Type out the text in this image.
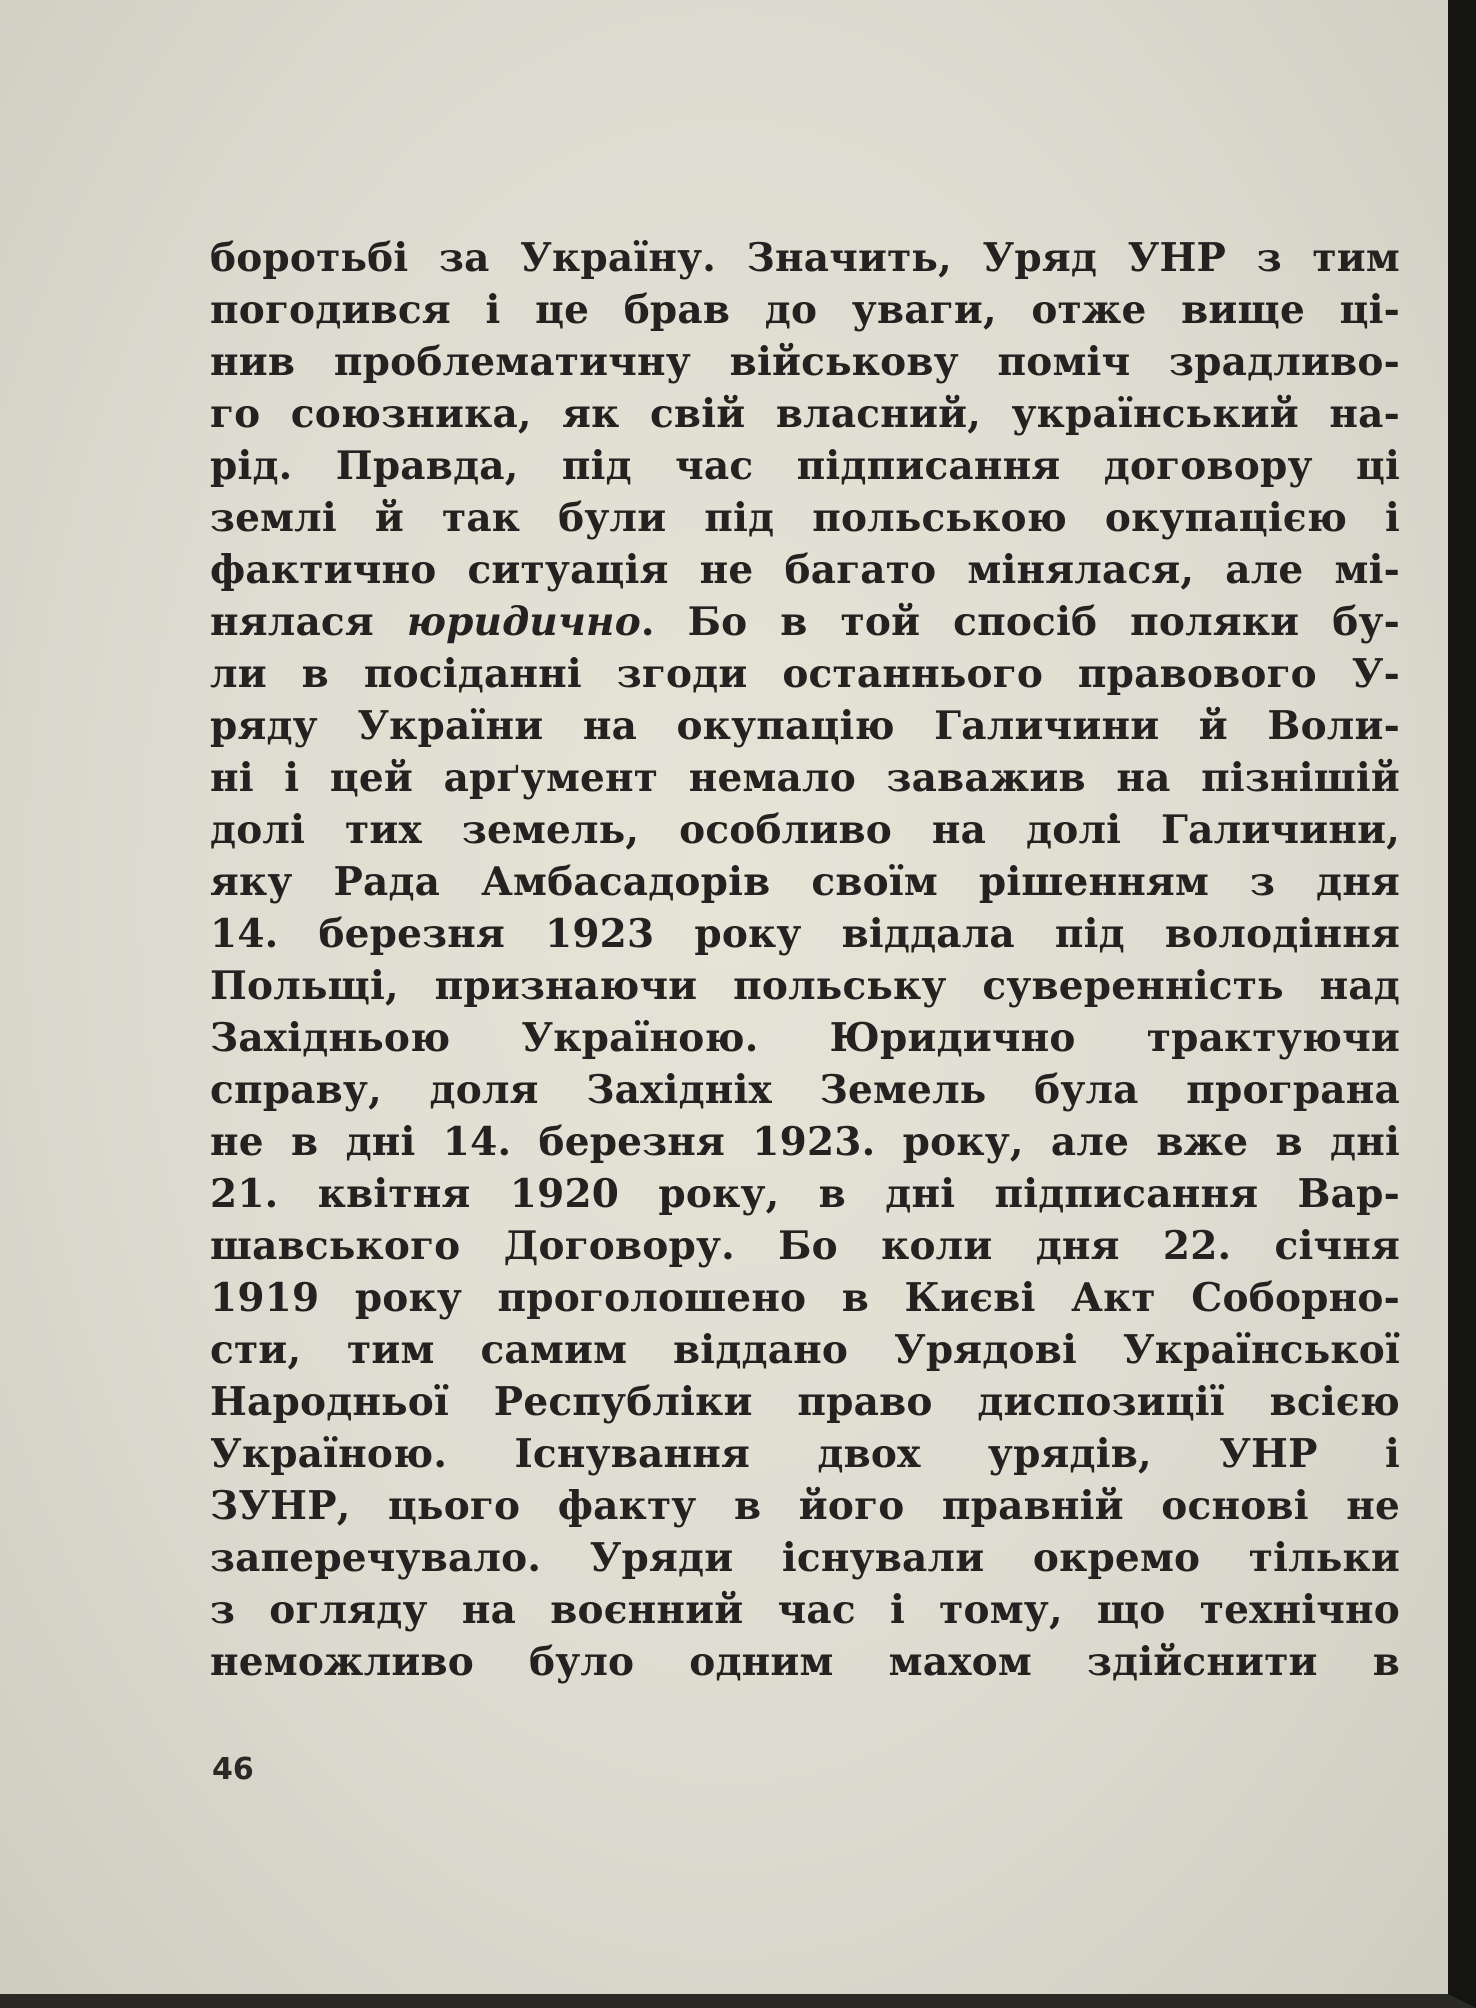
боротьбі за Україну. Значить, Уряд УНР з тим
погодився і це брав до уваги, отже вище ці-
нив проблематичну військову поміч зрадливо-
го союзника, як свій власний, український на-
рід. Правда, під час підписання договору ці
землі й так були під польською окупацією і
фактично ситуація не багато мінялася, але мі-
нялася юридично. Бо в той спосіб поляки бу-
ли в посіданні згоди останнього правового У-
ряду України на окупацію Галичини й Воли-
ні і цей арґумент немало заважив на пізнішій
долі тих земель, особливо на долі Галичини,
яку Рада Амбасадорів своїм рішенням з дня
14. березня 1923 року віддала під володіння
Польщі, признаючи польську суверенність над
Західньою Україною. Юридично трактуючи
справу, доля Західніх Земель була програна
не в дні 14. березня 1923. року, але вже в дні
21. квітня 1920 року, в дні підписання Вар-
шавського Договору. Бо коли дня 22. січня
1919 року проголошено в Києві Акт Соборно-
сти, тим самим віддано Урядові Української
Народньої Республіки право диспозиції всією
Україною. Існування двох урядів, УНР і
ЗУНР, цього факту в його правній основі не
заперечувало. Уряди існували окремо тільки
з огляду на воєнний час і тому, що технічно
неможливо було одним махом здійснити в
46
